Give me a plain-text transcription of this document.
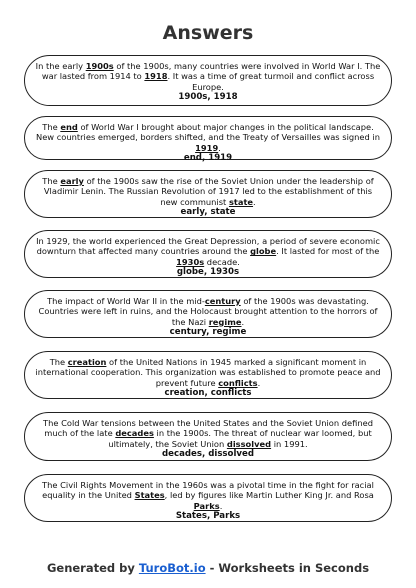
Answers
In the early 1900s of the 1900s, many countries were involved in World War I. The war lasted from 1914 to 1918. It was a time of great turmoil and conflict across Europe.
1900s, 1918
The end of World War I brought about major changes in the political landscape. New countries emerged, borders shifted, and the Treaty of Versailles was signed in 1919.
end, 1919
The early of the 1900s saw the rise of the Soviet Union under the leadership of Vladimir Lenin. The Russian Revolution of 1917 led to the establishment of this new communist state.
early, state
In 1929, the world experienced the Great Depression, a period of severe economic downturn that affected many countries around the globe. It lasted for most of the 1930s decade.
globe, 1930s
The impact of World War II in the mid-century of the 1900s was devastating. Countries were left in ruins, and the Holocaust brought attention to the horrors of the Nazi regime.
century, regime
The creation of the United Nations in 1945 marked a significant moment in international cooperation. This organization was established to promote peace and prevent future conflicts.
creation, conflicts
The Cold War tensions between the United States and the Soviet Union defined much of the late decades in the 1900s. The threat of nuclear war loomed, but ultimately, the Soviet Union dissolved in 1991.
decades, dissolved
The Civil Rights Movement in the 1960s was a pivotal time in the fight for racial equality in the United States, led by figures like Martin Luther King Jr. and Rosa Parks.
States, Parks
Generated by TuroBot.io - Worksheets in Seconds
